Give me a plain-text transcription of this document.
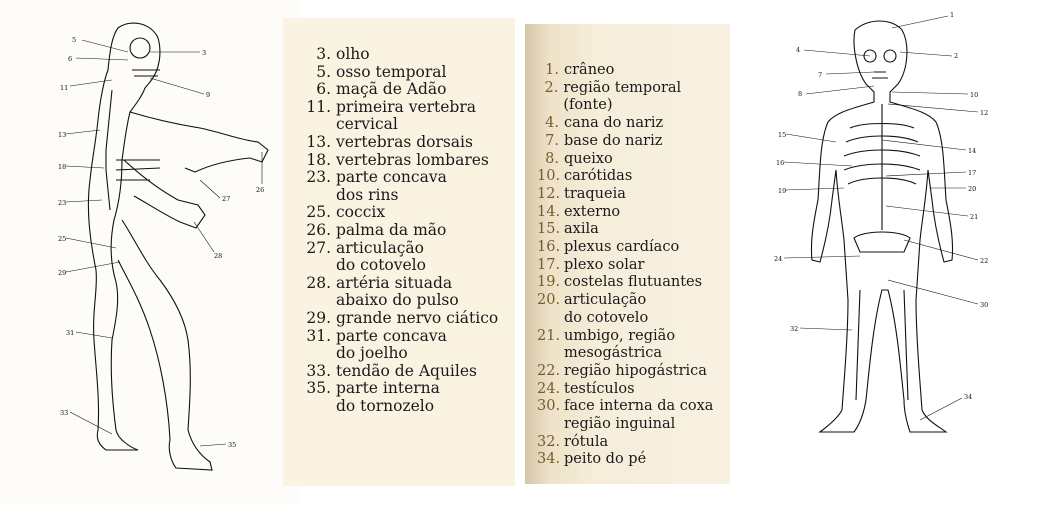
5
3
6
11
9
13
18
23
26
27
25
28
29
31
33
35
3. olho
5. osso temporal
6. maçã de Adão
11. primeira vertebra
cervical
13. vertebras dorsais
18. vertebras lombares
23. parte concava
dos rins
25. coccix
26. palma da mão
27. articulação
do cotovelo
28. artéria situada
abaixo do pulso
29. grande nervo ciático
31. parte concava
do joelho
33. tendão de Aquiles
35. parte interna
do tornozelo
1. crâneo
2. região temporal (fonte)
4. cana do nariz
7. base do nariz
8. queixo
10. carótidas
12. traqueia
14. externo
15. axila
16. plexus cardíaco
17. plexo solar
19. costelas flutuantes
20. articulação
do cotovelo
21. umbigo, região
mesogástrica
22. região hipogástrica
24. testículos
30. face interna da coxa
região inguinal
32. rótula
34. peito do pé
1
4
2
7
8	10
12
15
14
16
17
19	20
21
24	22
30
32
34
